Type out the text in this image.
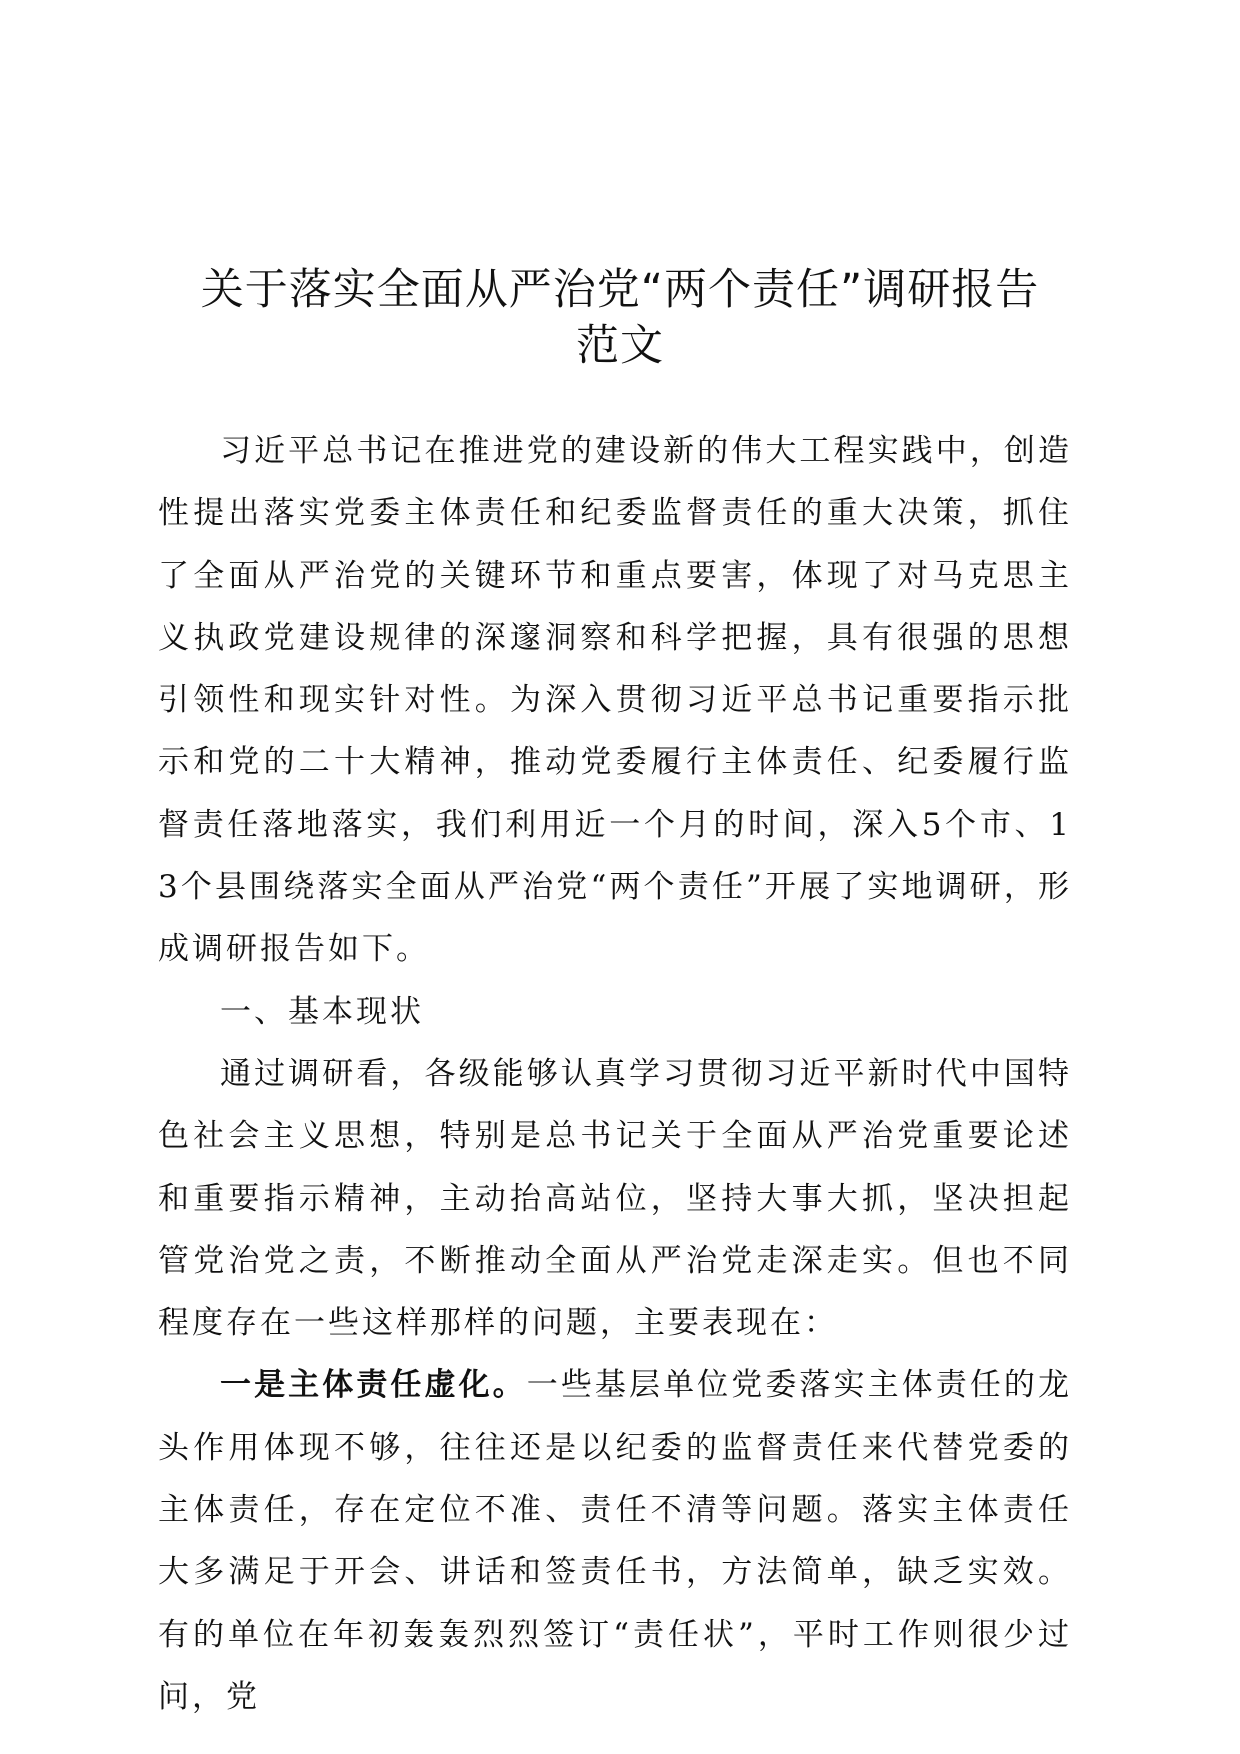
关于落实全面从严治党“两个责任”调研报告
范文

习近平总书记在推进党的建设新的伟大工程实践中，创造性提出落实党委主体责任和纪委监督责任的重大决策，抓住了全面从严治党的关键环节和重点要害，体现了对马克思主义执政党建设规律的深邃洞察和科学把握，具有很强的思想引领性和现实针对性。为深入贯彻习近平总书记重要指示批示和党的二十大精神，推动党委履行主体责任、纪委履行监督责任落地落实，我们利用近一个月的时间，深入5个市、13个县围绕落实全面从严治党“两个责任”开展了实地调研，形成调研报告如下。

一、基本现状

通过调研看，各级能够认真学习贯彻习近平新时代中国特色社会主义思想，特别是总书记关于全面从严治党重要论述和重要指示精神，主动抬高站位，坚持大事大抓，坚决担起管党治党之责，不断推动全面从严治党走深走实。但也不同程度存在一些这样那样的问题，主要表现在：

一是主体责任虚化。一些基层单位党委落实主体责任的龙头作用体现不够，往往还是以纪委的监督责任来代替党委的主体责任，存在定位不准、责任不清等问题。落实主体责任大多满足于开会、讲话和签责任书，方法简单，缺乏实效。有的单位在年初轰轰烈烈签订“责任状”，平时工作则很少过问，党
